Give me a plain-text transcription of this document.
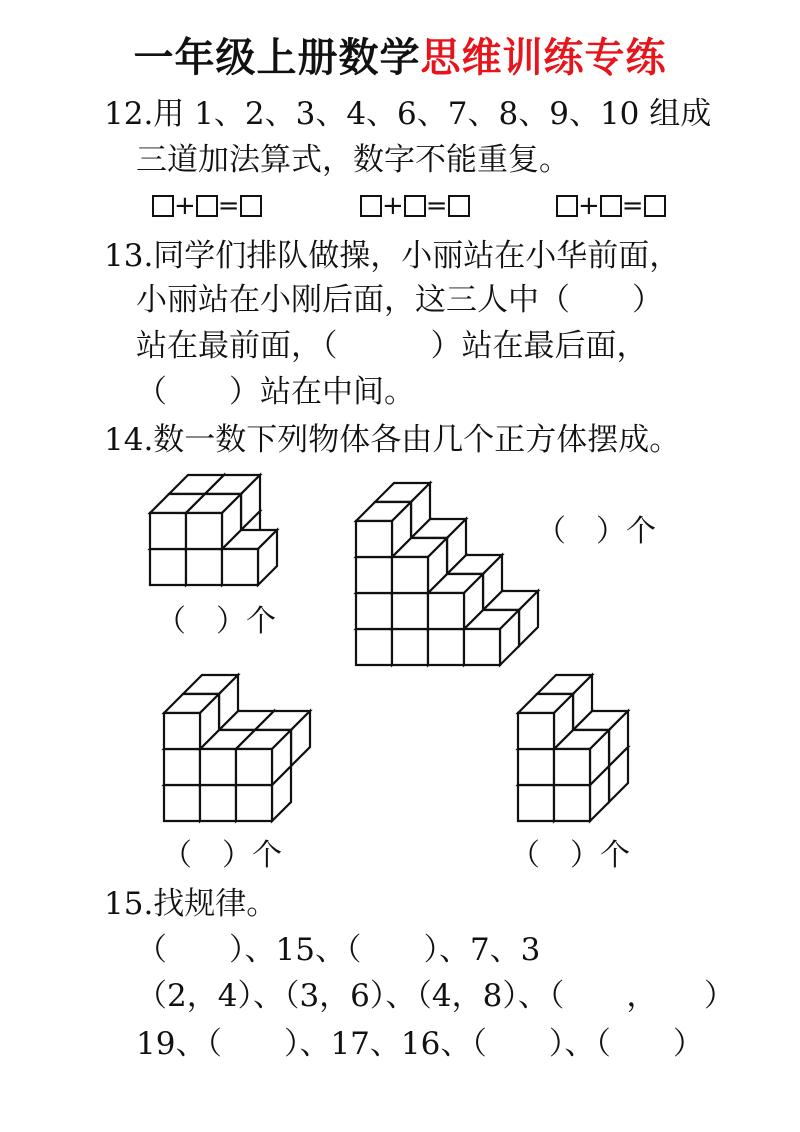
一年级上册数学思维训练专练
12.用 1、2、3、4、6、7、8、9、10 组成
三道加法算式，数字不能重复。
+ =	+ =	+ =
13.同学们排队做操，小丽站在小华前面，
小丽站在小刚后面，这三人中（　　）
站在最前面，（　　　）站在最后面，
（　　）站在中间。
14.数一数下列物体各由几个正方体摆成。
（　）个
（　）个
（　）个	（　）个
15.找规律。
（　　）、15、（　　）、7、3
（2，4）、（3，6）、（4，8）、（　　，　　）
19、（　　）、17、16、（　　）、（　　）
